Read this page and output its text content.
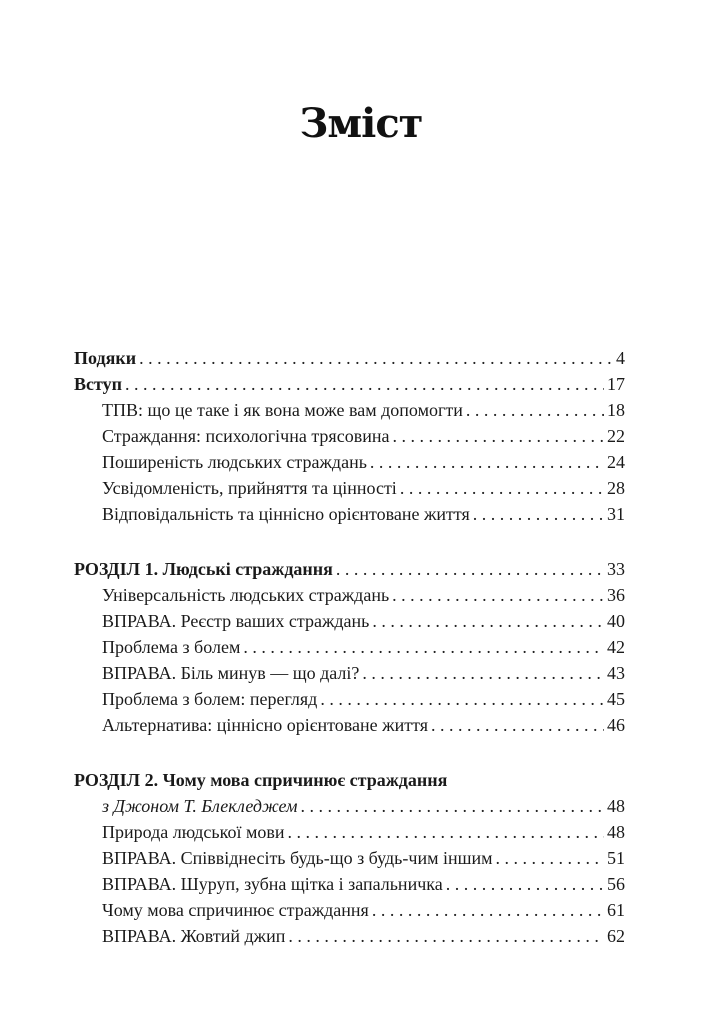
Зміст
Подяки . . .	4
Вступ . . .	17
ТПВ: що це таке і як вона може вам допомогти . . .	18
Страждання: психологічна трясовина . . .	22
Поширеність людських страждань . . .	24
Усвідомленість, прийняття та цінності . . .	28
Відповідальність та ціннісно орієнтоване життя . . .	31
РОЗДІЛ 1. Людські страждання . . .	33
Універсальність людських страждань . . .	36
ВПРАВА. Реєстр ваших страждань . . .	40
Проблема з болем . . .	42
ВПРАВА. Біль минув — що далі? . . .	43
Проблема з болем: перегляд . . .	45
Альтернатива: ціннісно орієнтоване життя . . .	46
РОЗДІЛ 2. Чому мова спричинює страждання
з Джоном Т. Блекледжем . . .	48
Природа людської мови . . .	48
ВПРАВА. Співвіднесіть будь-що з будь-чим іншим . . .	51
ВПРАВА. Шуруп, зубна щітка і запальничка . . .	56
Чому мова спричинює страждання . . .	61
ВПРАВА. Жовтий джип . . .	62
